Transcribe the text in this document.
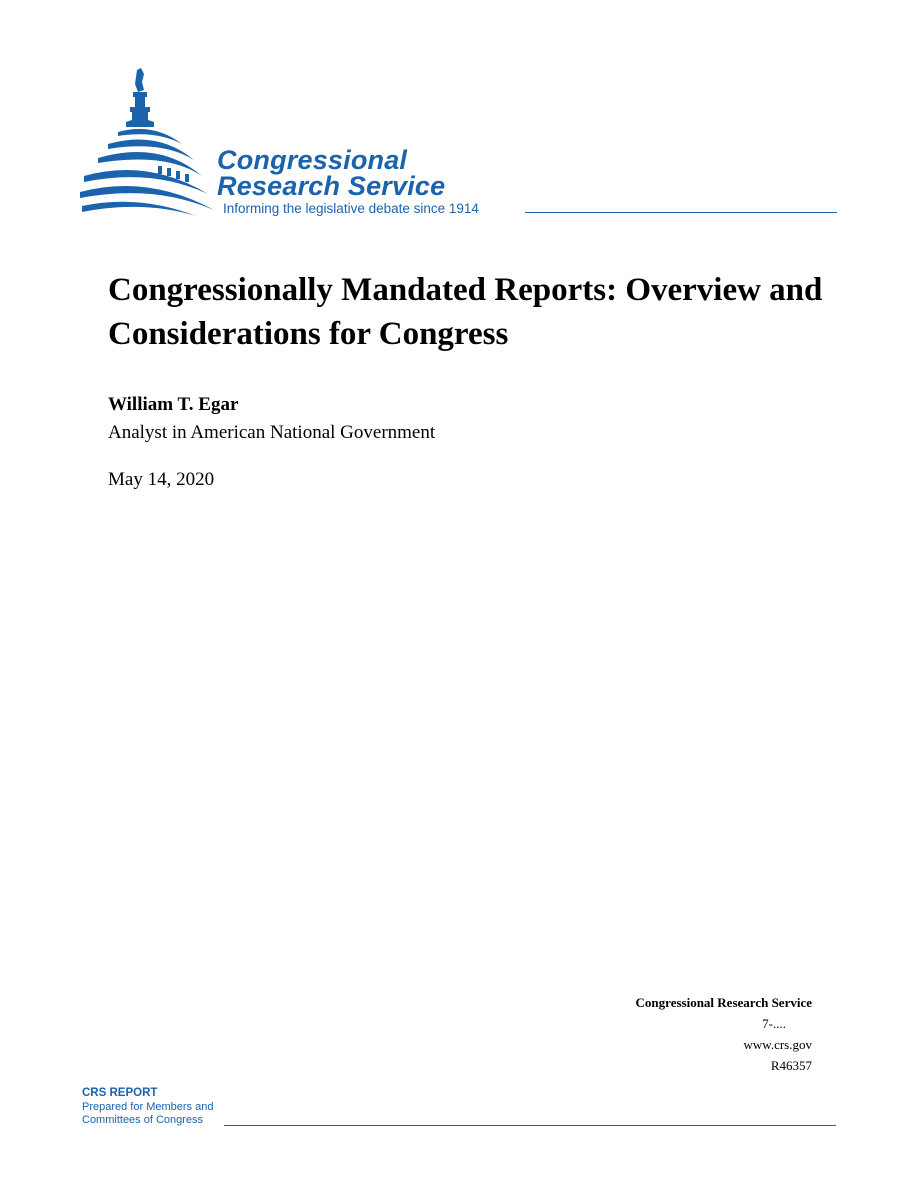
Congressional
Research Service
Informing the legislative debate since 1914
Congressionally Mandated Reports: Overview and Considerations for Congress
William T. Egar
Analyst in American National Government
May 14, 2020
Congressional Research Service
7-....
www.crs.gov
R46357
CRS REPORT
Prepared for Members and
Committees of Congress
